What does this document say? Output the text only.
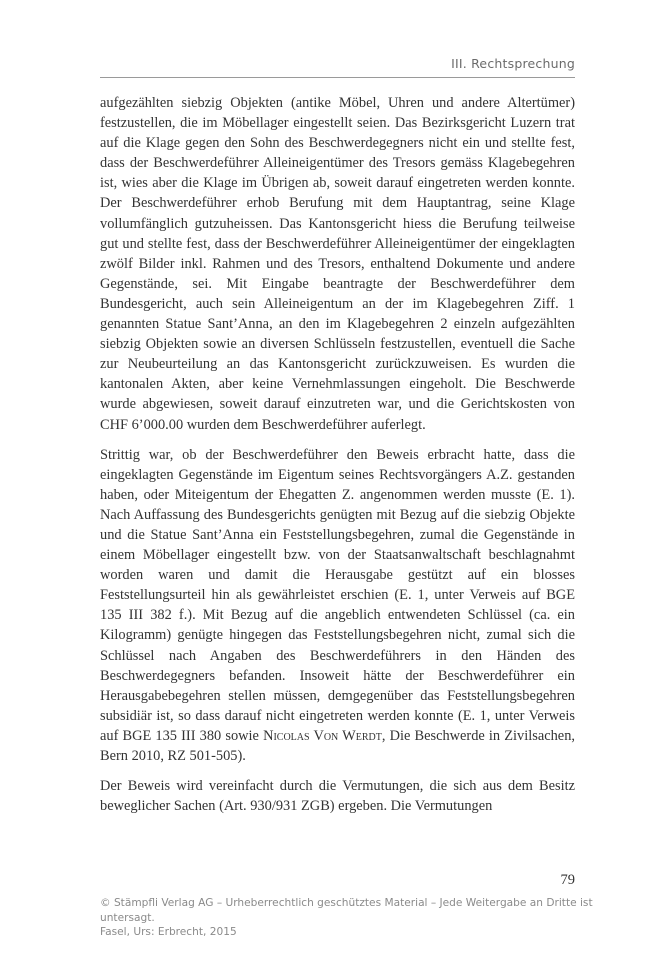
III. Rechtsprechung

aufgezählten siebzig Objekten (antike Möbel, Uhren und andere Altertümer) festzustellen, die im Möbellager eingestellt seien. Das Bezirksgericht Luzern trat auf die Klage gegen den Sohn des Beschwerdegegners nicht ein und stellte fest, dass der Beschwerdeführer Alleineigentümer des Tresors gemäss Klagebegehren ist, wies aber die Klage im Übrigen ab, soweit darauf eingetreten werden konnte. Der Beschwerdeführer erhob Berufung mit dem Hauptantrag, seine Klage vollumfänglich gutzuheissen. Das Kantonsgericht hiess die Berufung teilweise gut und stellte fest, dass der Beschwerdeführer Alleineigentümer der eingeklagten zwölf Bilder inkl. Rahmen und des Tresors, enthaltend Dokumente und andere Gegenstände, sei. Mit Eingabe beantragte der Beschwerdeführer dem Bundesgericht, auch sein Alleineigentum an der im Klagebegehren Ziff. 1 genannten Statue Sant’Anna, an den im Klagebegehren 2 einzeln aufgezählten siebzig Objekten sowie an diversen Schlüsseln festzustellen, eventuell die Sache zur Neubeurteilung an das Kantonsgericht zurückzuweisen. Es wurden die kantonalen Akten, aber keine Vernehmlassungen eingeholt. Die Beschwerde wurde abgewiesen, soweit darauf einzutreten war, und die Gerichtskosten von CHF 6’000.00 wurden dem Beschwerdeführer auferlegt.

Strittig war, ob der Beschwerdeführer den Beweis erbracht hatte, dass die eingeklagten Gegenstände im Eigentum seines Rechtsvorgängers A.Z. gestanden haben, oder Miteigentum der Ehegatten Z. angenommen werden musste (E. 1). Nach Auffassung des Bundesgerichts genügten mit Bezug auf die siebzig Objekte und die Statue Sant’Anna ein Feststellungsbegehren, zumal die Gegenstände in einem Möbellager eingestellt bzw. von der Staatsanwaltschaft beschlagnahmt worden waren und damit die Herausgabe gestützt auf ein blosses Feststellungsurteil hin als gewährleistet erschien (E. 1, unter Verweis auf BGE 135 III 382 f.). Mit Bezug auf die angeblich entwendeten Schlüssel (ca. ein Kilogramm) genügte hingegen das Feststellungsbegehren nicht, zumal sich die Schlüssel nach Angaben des Beschwerdeführers in den Händen des Beschwerdegegners befanden. Insoweit hätte der Beschwerdeführer ein Herausgabebegehren stellen müssen, demgegenüber das Feststellungsbegehren subsidiär ist, so dass darauf nicht eingetreten werden konnte (E. 1, unter Verweis auf BGE 135 III 380 sowie Nicolas Von Werdt, Die Beschwerde in Zivilsachen, Bern 2010, RZ 501-505).

Der Beweis wird vereinfacht durch die Vermutungen, die sich aus dem Besitz beweglicher Sachen (Art. 930/931 ZGB) ergeben. Die Vermutungen

79
© Stämpfli Verlag AG – Urheberrechtlich geschütztes Material – Jede Weitergabe an Dritte ist untersagt.
Fasel, Urs: Erbrecht, 2015
